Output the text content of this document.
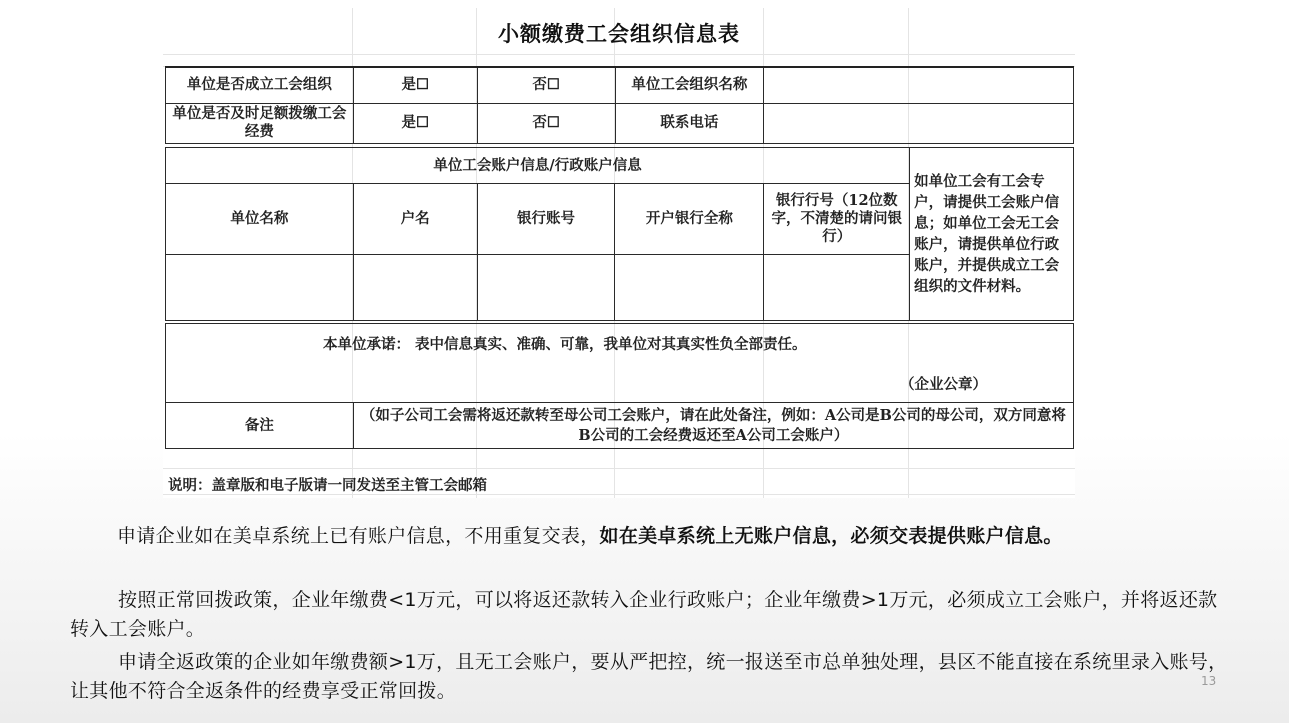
小额缴费工会组织信息表
单位是否成立工会组织	是☐	否☐	单位工会组织名称	
单位是否及时足额拨缴工会经费	是☐	否☐	联系电话	
单位工会账户信息/行政账户信息					如单位工会有工会专户，请提供工会账户信息；如单位工会无工会账户，请提供单位行政账户，并提供成立工会组织的文件材料。
单位名称	户名	银行账号	开户银行全称	银行行号（12位数字，不清楚的请问银行）	

本单位承诺： 表中信息真实、准确、可靠，我单位对其真实性负全部责任。
（企业公章）

备注	（如子公司工会需将返还款转至母公司工会账户，请在此处备注，例如：A公司是B公司的母公司，双方同意将B公司的工会经费返还至A公司工会账户）
说明：盖章版和电子版请一同发送至主管工会邮箱
申请企业如在美卓系统上已有账户信息，不用重复交表，如在美卓系统上无账户信息，必须交表提供账户信息。
按照正常回拨政策，企业年缴费<1万元，可以将返还款转入企业行政账户；企业年缴费>1万元，必须成立工会账户，并将返还款转入工会账户。
申请全返政策的企业如年缴费额>1万，且无工会账户，要从严把控，统一报送至市总单独处理，县区不能直接在系统里录入账号，让其他不符合全返条件的经费享受正常回拨。	13
